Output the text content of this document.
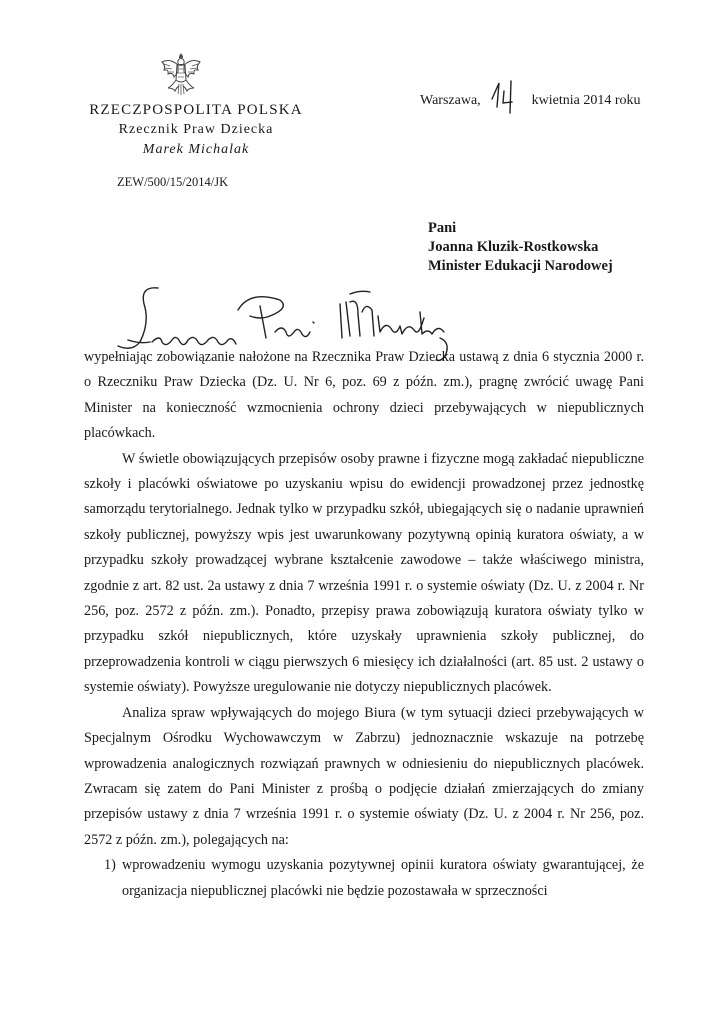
RZECZPOSPOLITA POLSKA
Rzecznik Praw Dziecka
Marek Michalak
ZEW/500/15/2014/JK
Warszawa,	kwietnia 2014 roku
Pani
Joanna Kluzik-Rostkowska
Minister Edukacji Narodowej

wypełniając zobowiązanie nałożone na Rzecznika Praw Dziecka ustawą z dnia 6 stycznia 2000 r. o Rzeczniku Praw Dziecka (Dz. U. Nr 6, poz. 69 z późn. zm.), pragnę zwrócić uwagę Pani Minister na konieczność wzmocnienia ochrony dzieci przebywających w niepublicznych placówkach.

W świetle obowiązujących przepisów osoby prawne i fizyczne mogą zakładać niepubliczne szkoły i placówki oświatowe po uzyskaniu wpisu do ewidencji prowadzonej przez jednostkę samorządu terytorialnego. Jednak tylko w przypadku szkół, ubiegających się o nadanie uprawnień szkoły publicznej, powyższy wpis jest uwarunkowany pozytywną opinią kuratora oświaty, a w przypadku szkoły prowadzącej wybrane kształcenie zawodowe – także właściwego ministra, zgodnie z art. 82 ust. 2a ustawy z dnia 7 września 1991 r. o systemie oświaty (Dz. U. z 2004 r. Nr 256, poz. 2572 z późn. zm.). Ponadto, przepisy prawa zobowiązują kuratora oświaty tylko w przypadku szkół niepublicznych, które uzyskały uprawnienia szkoły publicznej, do przeprowadzenia kontroli w ciągu pierwszych 6 miesięcy ich działalności (art. 85 ust. 2 ustawy o systemie oświaty). Powyższe uregulowanie nie dotyczy niepublicznych placówek.

Analiza spraw wpływających do mojego Biura (w tym sytuacji dzieci przebywających w Specjalnym Ośrodku Wychowawczym w Zabrzu) jednoznacznie wskazuje na potrzebę wprowadzenia analogicznych rozwiązań prawnych w odniesieniu do niepublicznych placówek. Zwracam się zatem do Pani Minister z prośbą o podjęcie działań zmierzających do zmiany przepisów ustawy z dnia 7 września 1991 r. o systemie oświaty (Dz. U. z 2004 r. Nr 256, poz. 2572 z późn. zm.), polegających na:

1) wprowadzeniu wymogu uzyskania pozytywnej opinii kuratora oświaty gwarantującej, że organizacja niepublicznej placówki nie będzie pozostawała w sprzeczności
